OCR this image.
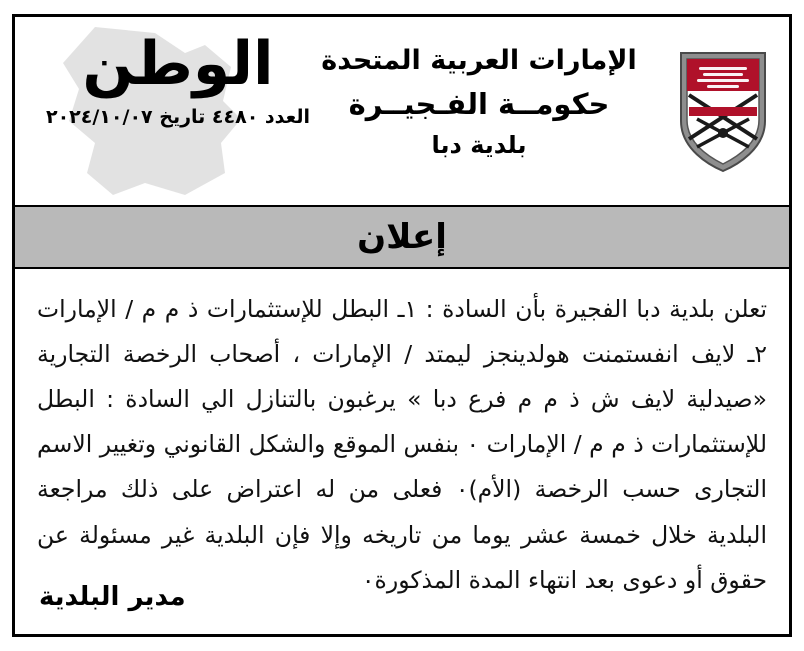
الوطن
العدد ٤٤٨٠ تاريخ ٢٠٢٤/١٠/٠٧
الإمارات العربية المتحدة
حكومــة الفـجيــرة
بلدية دبا
إعلان
تعلن بلدية دبا الفجيرة بأن السادة : ١ـ البطل للإستثمارات ذ م م / الإمارات ٢ـ لايف انفستمنت هولدينجز ليمتد / الإمارات ، أصحاب الرخصة التجارية «صيدلية لايف ش ذ م م فرع دبا » يرغبون بالتنازل الي السادة : البطل للإستثمارات ذ م م / الإمارات ٠ بنفس الموقع والشكل القانوني وتغيير الاسم التجارى حسب الرخصة (الأم)٠ فعلى من له اعتراض على ذلك مراجعة البلدية خلال خمسة عشر يوما من تاريخه وإلا فإن البلدية غير مسئولة عن حقوق أو دعوى بعد انتهاء المدة المذكورة٠
مدير البلدية
